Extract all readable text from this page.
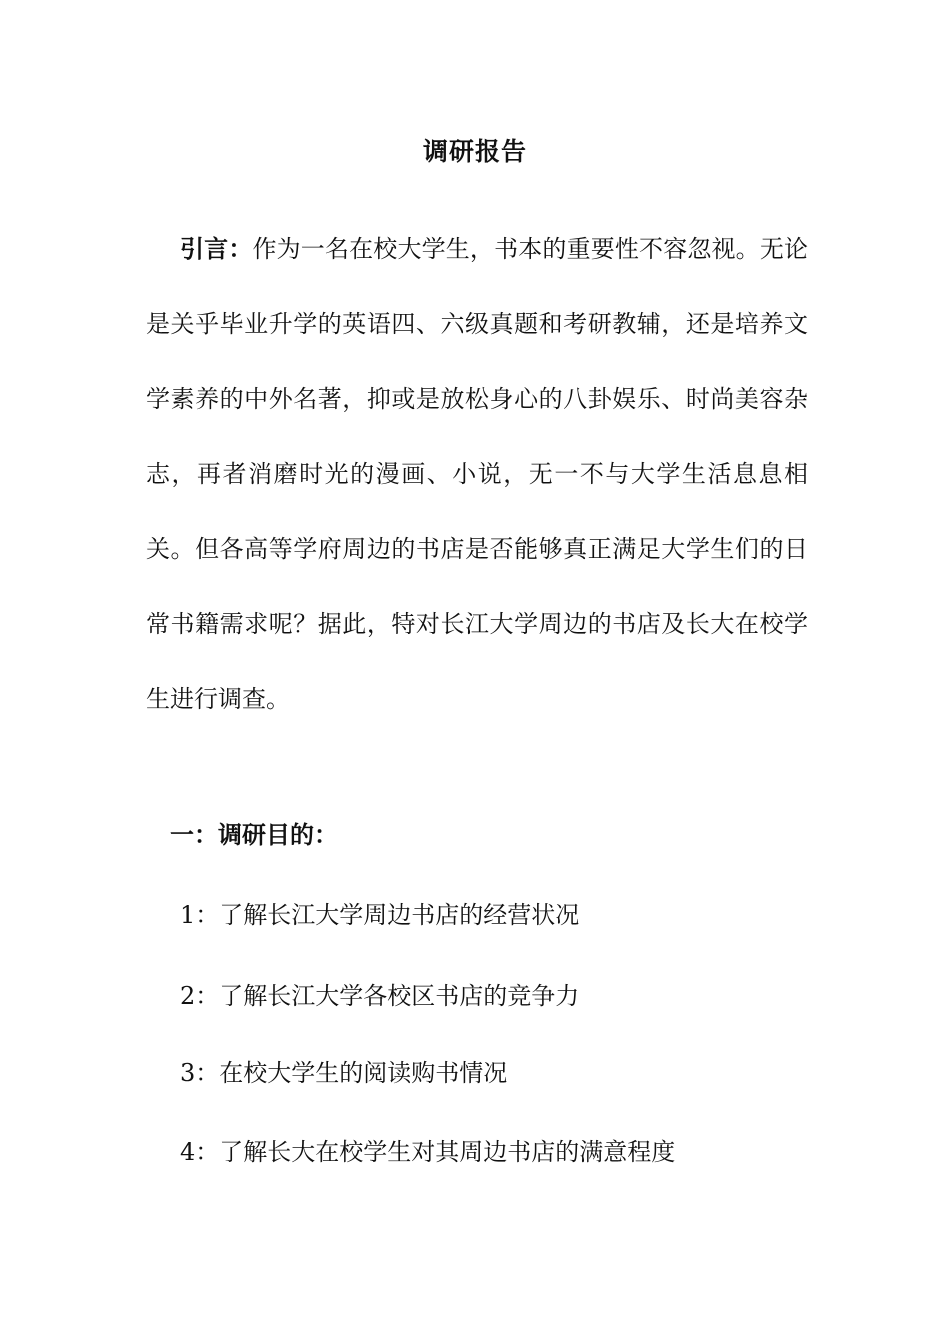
调研报告

引言：作为一名在校大学生，书本的重要性不容忽视。无论是关乎毕业升学的英语四、六级真题和考研教辅，还是培养文学素养的中外名著，抑或是放松身心的八卦娱乐、时尚美容杂志，再者消磨时光的漫画、小说，无一不与大学生活息息相关。但各高等学府周边的书店是否能够真正满足大学生们的日常书籍需求呢？据此，特对长江大学周边的书店及长大在校学生进行调查。

一：调研目的：

1：了解长江大学周边书店的经营状况

2：了解长江大学各校区书店的竞争力

3：在校大学生的阅读购书情况

4：了解长大在校学生对其周边书店的满意程度
